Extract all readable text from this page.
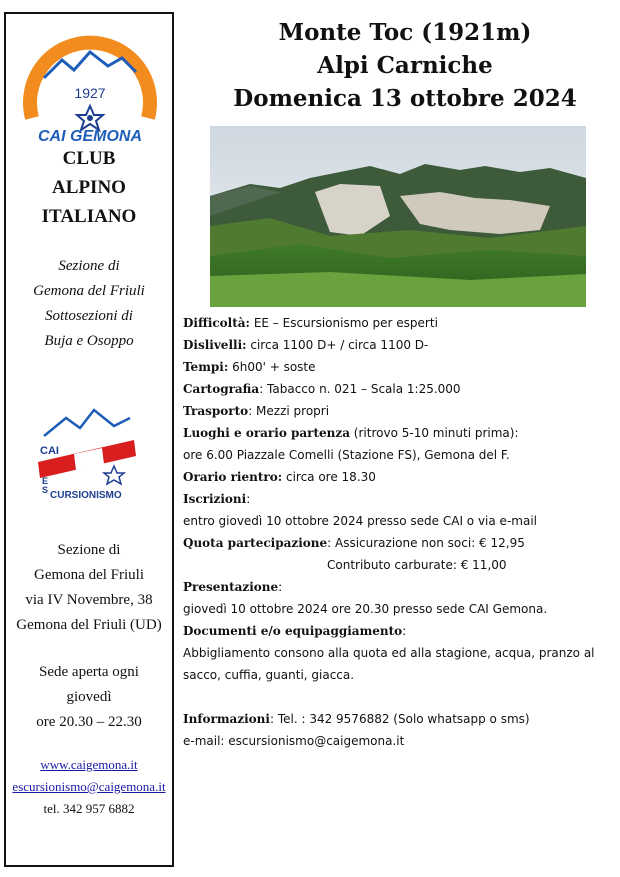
1927
CAI GEMONA
CLUB
ALPINO
ITALIANO
Sezione di
Gemona del Friuli
Sottosezioni di
Buja e Osoppo
CAI
E
S CURSIONISMO
Sezione di
Gemona del Friuli
via IV Novembre, 38
Gemona del Friuli (UD)
Sede aperta ogni
giovedì
ore 20.30 – 22.30
www.caigemona.it
escursionismo@caigemona.it
tel. 342 957 6882
Monte Toc (1921m)
Alpi Carniche
Domenica 13 ottobre 2024
Difficoltà: EE – Escursionismo per esperti
Dislivelli: circa 1100 D+ / circa 1100 D-
Tempi: 6h00' + soste
Cartografia: Tabacco n. 021 – Scala 1:25.000
Trasporto: Mezzi propri
Luoghi e orario partenza (ritrovo 5-10 minuti prima):
ore 6.00 Piazzale Comelli (Stazione FS), Gemona del F.
Orario rientro: circa ore 18.30
Iscrizioni:
entro giovedì 10 ottobre 2024 presso sede CAI o via e-mail
Quota partecipazione: Assicurazione non soci: € 12,95
Contributo carburate: € 11,00
Presentazione:
giovedì 10 ottobre 2024 ore 20.30 presso sede CAI Gemona.
Documenti e/o equipaggiamento:
Abbigliamento consono alla quota ed alla stagione, acqua, pranzo al sacco, cuffia, guanti, giacca.
Informazioni: Tel. : 342 9576882 (Solo whatsapp o sms)
e-mail: escursionismo@caigemona.it
